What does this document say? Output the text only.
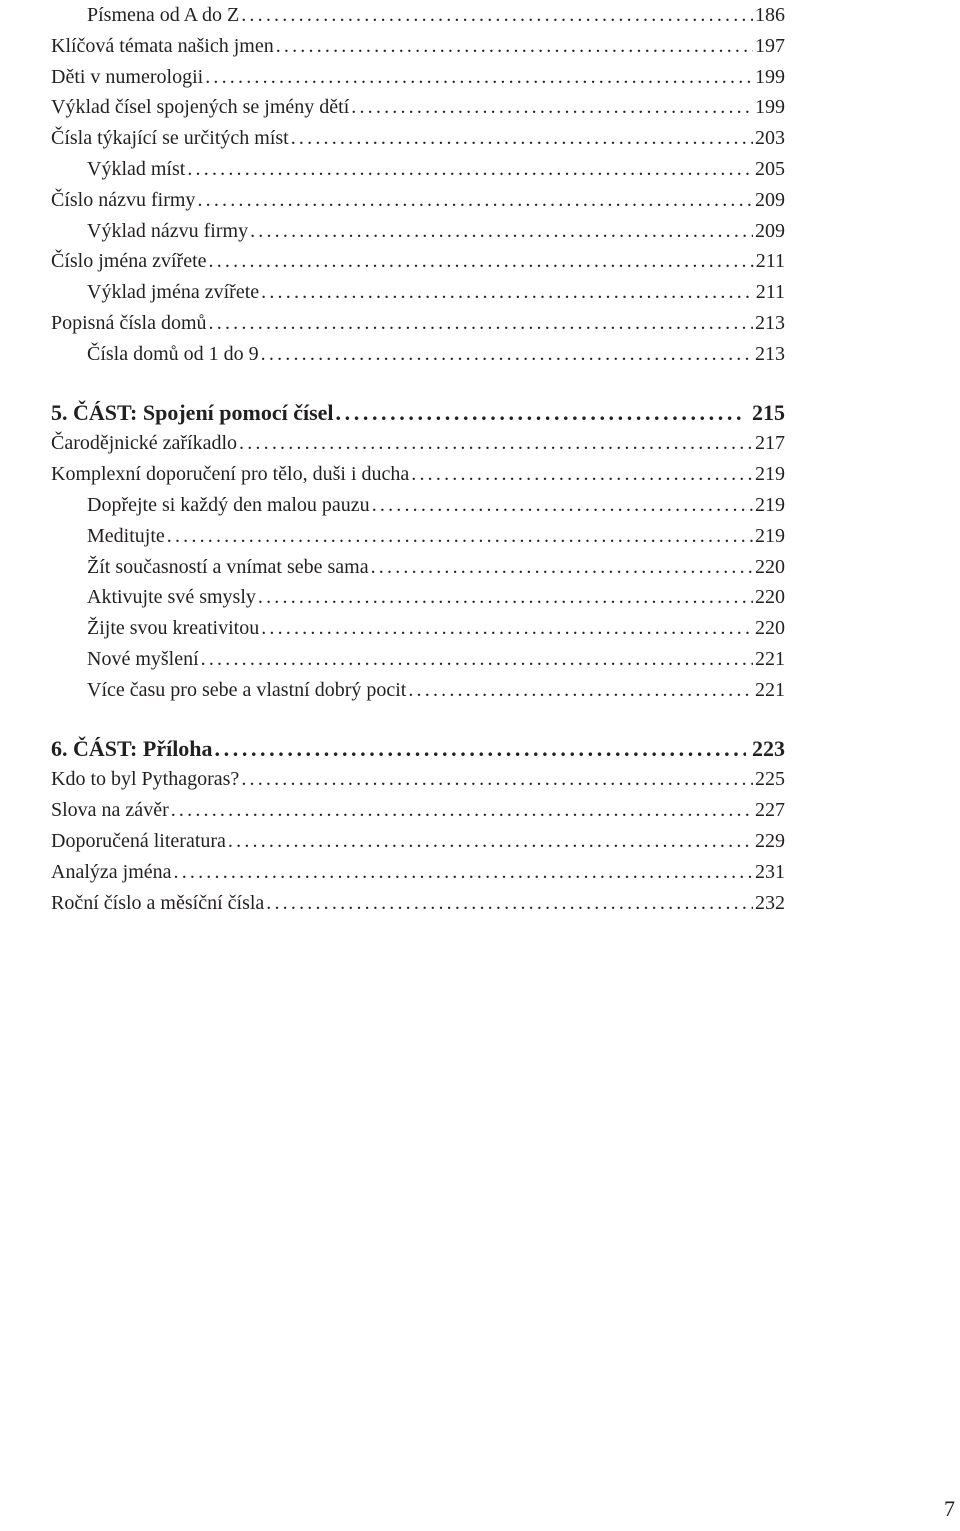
Písmena od A do Z .....	186
Klíčová témata našich jmen .....	197
Děti v numerologii .....	199
Výklad čísel spojených se jmény dětí .....	199
Čísla týkající se určitých míst .....	203
Výklad míst .....	205
Číslo názvu firmy .....	209
Výklad názvu firmy .....	209
Číslo jména zvířete .....	211
Výklad jména zvířete .....	211
Popisná čísla domů .....	213
Čísla domů od 1 do 9 .....	213
5. ČÁST: Spojení pomocí čísel .....	215
Čarodějnické zaříkadlo .....	217
Komplexní doporučení pro tělo, duši i ducha .....	219
Dopřejte si každý den malou pauzu .....	219
Meditujte .....	219
Žít současností a vnímat sebe sama .....	220
Aktivujte své smysly .....	220
Žijte svou kreativitou .....	220
Nové myšlení .....	221
Více času pro sebe a vlastní dobrý pocit .....	221
6. ČÁST: Příloha .....	223
Kdo to byl Pythagoras? .....	225
Slova na závěr .....	227
Doporučená literatura .....	229
Analýza jména .....	231
Roční číslo a měsíční čísla .....	232
7
